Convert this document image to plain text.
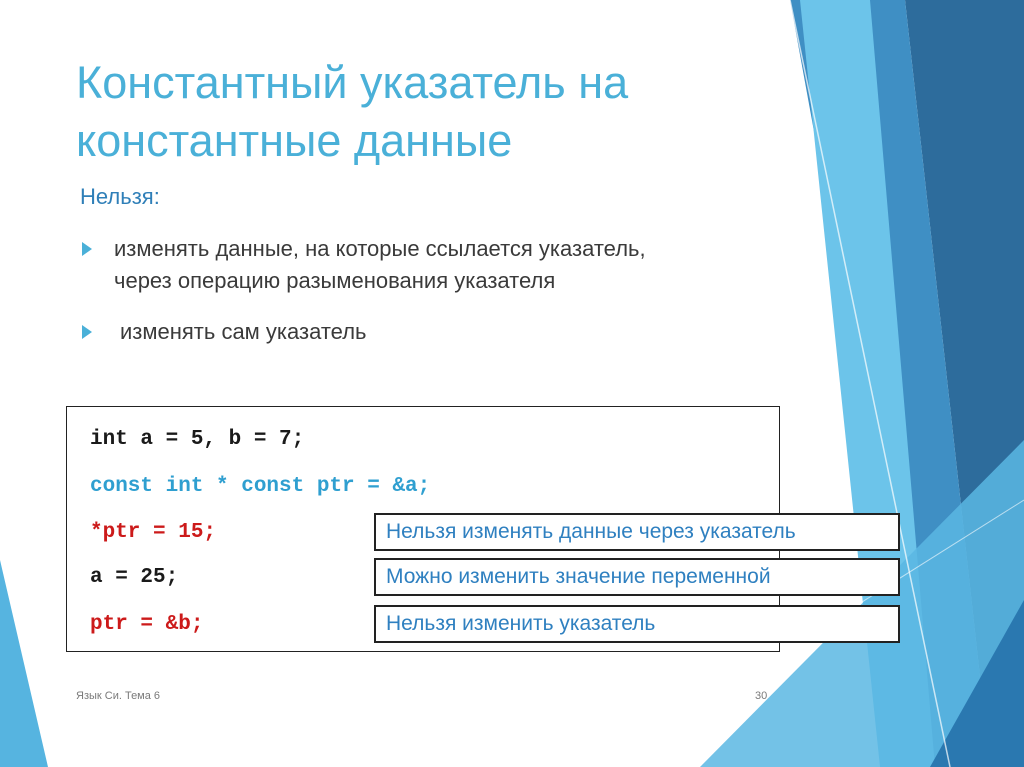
Константный указатель на
константные данные
Нельзя:
изменять данные, на которые ссылается указатель,
через операцию разыменования указателя
изменять сам указатель
int a = 5, b = 7;
const int * const ptr = &a;
*ptr = 15;
a = 25;
ptr = &b;
Нельзя изменять данные через указатель
Можно изменить значение переменной
Нельзя изменить указатель
Язык Си. Тема 6	30
